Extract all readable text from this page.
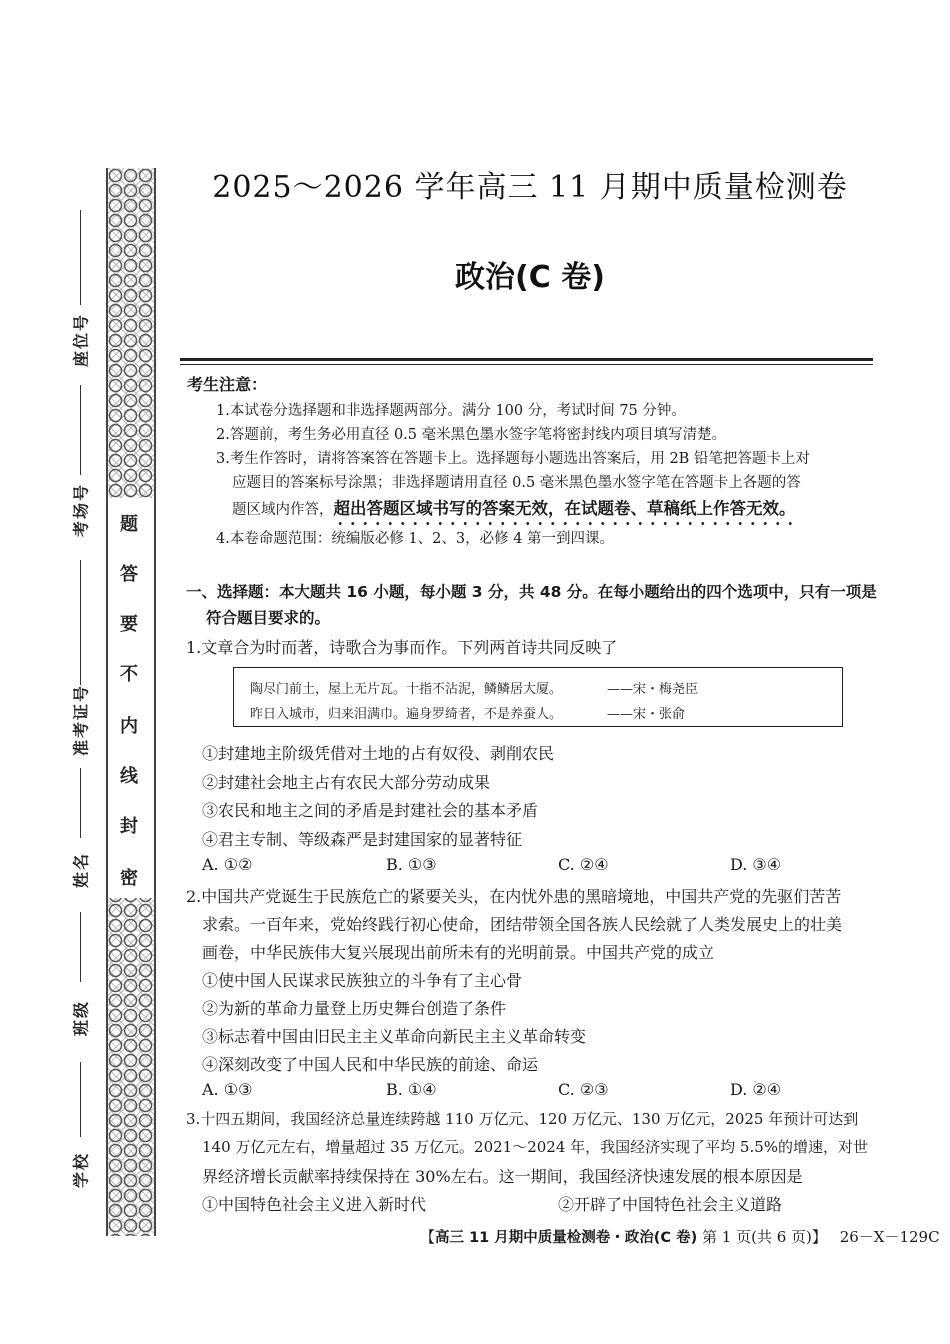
座位号
考场号
准考证号
姓名
班级
学校
题
答
要
不
内
线
封
密
2025～2026 学年高三 11 月期中质量检测卷
政治(C 卷)
考生注意：
1.本试卷分选择题和非选择题两部分。满分 100 分，考试时间 75 分钟。
2.答题前，考生务必用直径 0.5 毫米黑色墨水签字笔将密封线内项目填写清楚。
3.考生作答时，请将答案答在答题卡上。选择题每小题选出答案后，用 2B 铅笔把答题卡上对
应题目的答案标号涂黑；非选择题请用直径 0.5 毫米黑色墨水签字笔在答题卡上各题的答
题区域内作答，超出答题区域书写的答案无效，在试题卷、草稿纸上作答无效。
4.本卷命题范围：统编版必修 1、2、3，必修 4 第一到四课。
一、选择题：本大题共 16 小题，每小题 3 分，共 48 分。在每小题给出的四个选项中，只有一项是
符合题目要求的。
1.文章合为时而著，诗歌合为事而作。下列两首诗共同反映了
陶尽门前土，屋上无片瓦。十指不沾泥，鳞鳞居大厦。	——宋・梅尧臣
昨日入城市，归来泪满巾。遍身罗绮者，不是养蚕人。	——宋・张俞
①封建地主阶级凭借对土地的占有奴役、剥削农民
②封建社会地主占有农民大部分劳动成果
③农民和地主之间的矛盾是封建社会的基本矛盾
④君主专制、等级森严是封建国家的显著特征
A. ①②	B. ①③	C. ②④	D. ③④
2.中国共产党诞生于民族危亡的紧要关头，在内忧外患的黑暗境地，中国共产党的先驱们苦苦
求索。一百年来，党始终践行初心使命，团结带领全国各族人民绘就了人类发展史上的壮美
画卷，中华民族伟大复兴展现出前所未有的光明前景。中国共产党的成立
①使中国人民谋求民族独立的斗争有了主心骨
②为新的革命力量登上历史舞台创造了条件
③标志着中国由旧民主主义革命向新民主主义革命转变
④深刻改变了中国人民和中华民族的前途、命运
A. ①③	B. ①④	C. ②③	D. ②④
3.十四五期间，我国经济总量连续跨越 110 万亿元、120 万亿元、130 万亿元，2025 年预计可达到
140 万亿元左右，增量超过 35 万亿元。2021～2024 年，我国经济实现了平均 5.5%的增速，对世
界经济增长贡献率持续保持在 30%左右。这一期间，我国经济快速发展的根本原因是
①中国特色社会主义进入新时代	②开辟了中国特色社会主义道路
【高三 11 月期中质量检测卷・政治(C 卷) 第 1 页(共 6 页)】 26－X－129C
